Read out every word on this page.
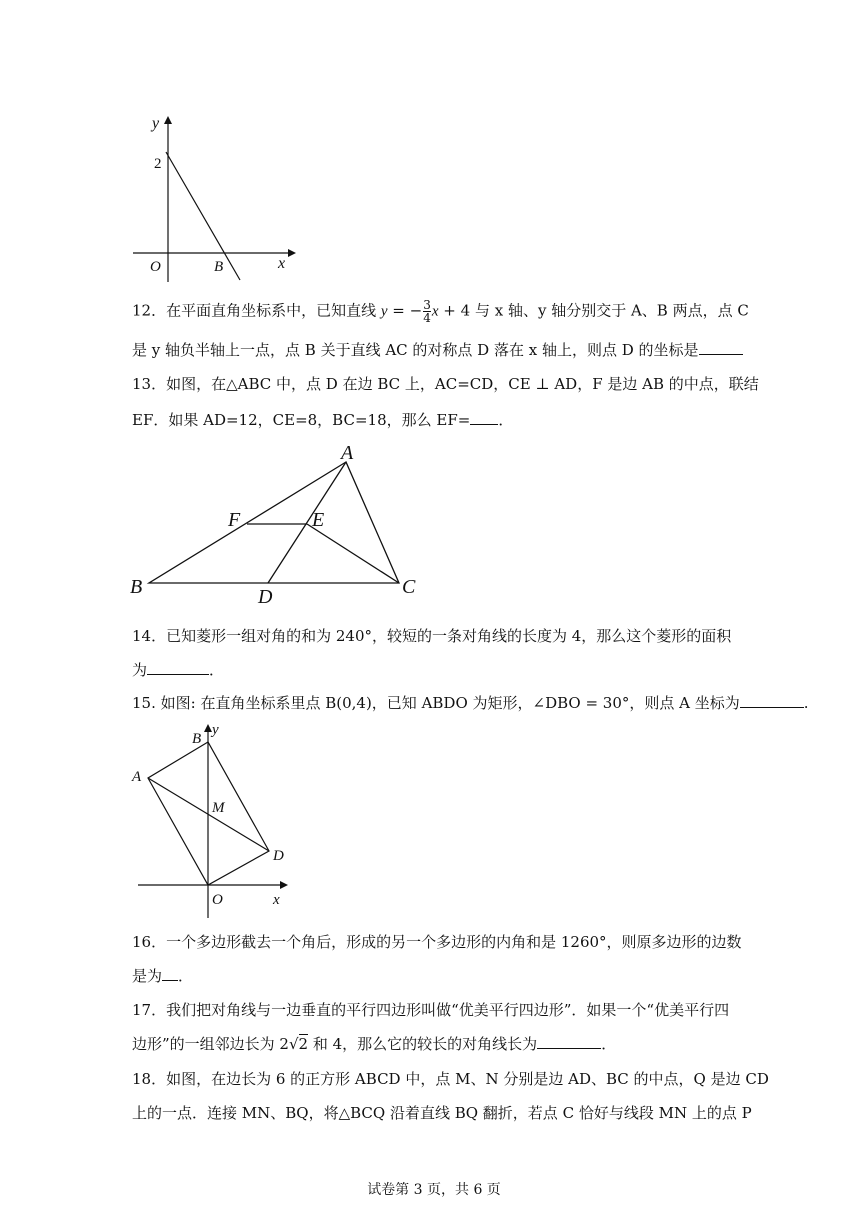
y
2
O	B	x
12．在平面直角坐标系中，已知直线 y = − $\frac{3}{4}$ x + 4 与 x 轴、y 轴分别交于 A、B 两点，点 C
是 y 轴负半轴上一点，点 B 关于直线 AC 的对称点 D 落在 x 轴上，则点 D 的坐标是
13．如图，在△ABC 中，点 D 在边 BC 上，AC=CD，CE ⊥ AD，F 是边 AB 的中点，联结
EF．如果 AD=12，CE=8，BC=18，那么 EF= ．
A
B	C
D
E
F
14．已知菱形一组对角的和为 240°，较短的一条对角线的长度为 4，那么这个菱形的面积
为	．
15. 如图: 在直角坐标系里点 B(0,4)，已知 ABDO 为矩形，∠DBO = 30°，则点 A 坐标为	.
B
y
A
M
D
O	x
16．一个多边形截去一个角后，形成的另一个多边形的内角和是 1260°，则原多边形的边数
是为 ．
17．我们把对角线与一边垂直的平行四边形叫做“优美平行四边形”．如果一个“优美平行四
边形”的一组邻边长为 2√2 和 4，那么它的较长的对角线长为	．
18．如图，在边长为 6 的正方形 ABCD 中，点 M、N 分别是边 AD、BC 的中点，Q 是边 CD
上的一点．连接 MN、BQ，将△BCQ 沿着直线 BQ 翻折，若点 C 恰好与线段 MN 上的点 P
试卷第 3 页，共 6 页
